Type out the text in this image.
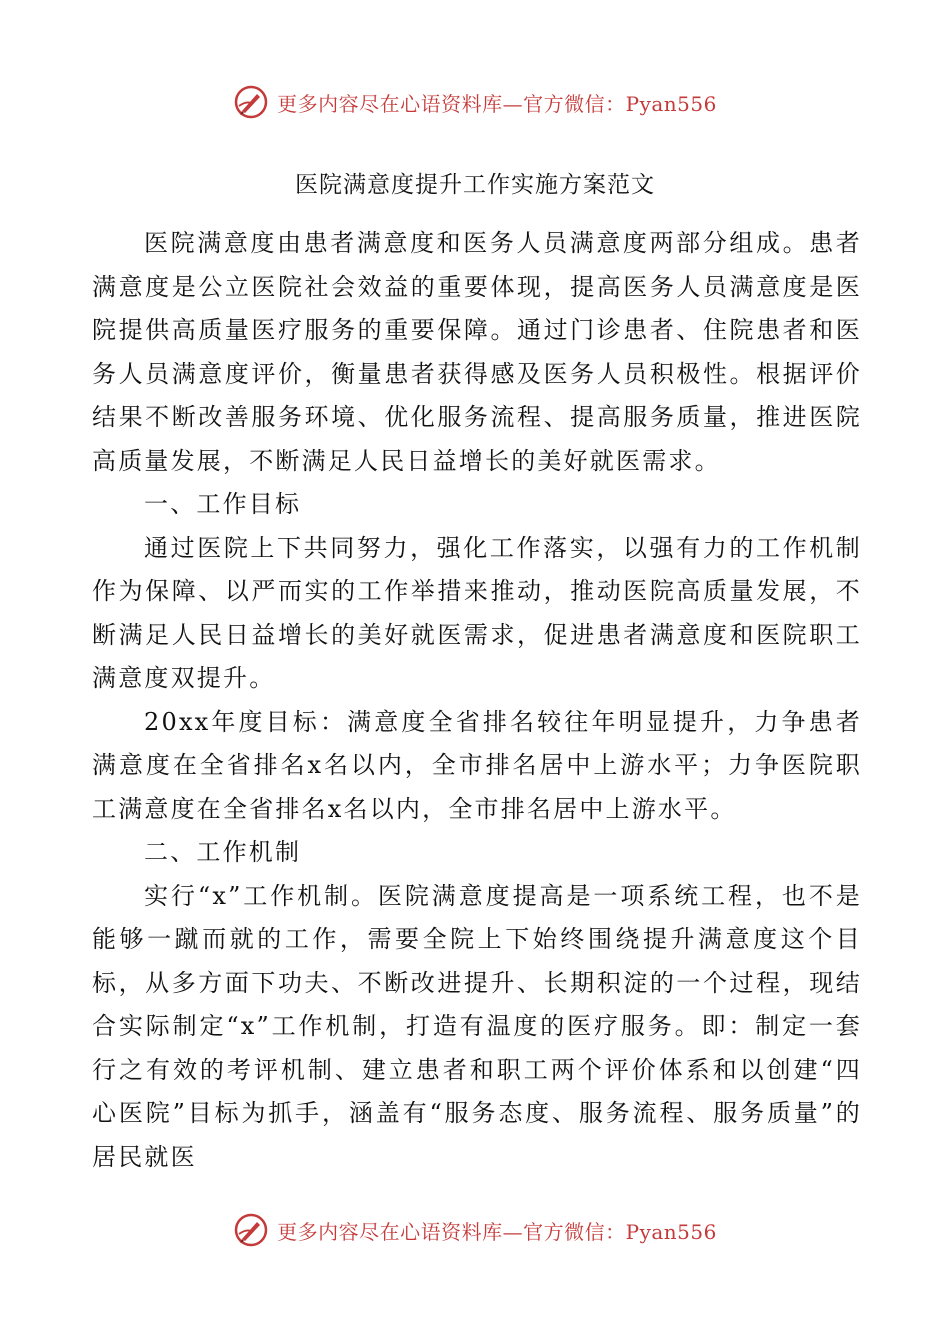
更多内容尽在心语资料库—官方微信：Pyan556
医院满意度提升工作实施方案范文

医院满意度由患者满意度和医务人员满意度两部分组成。患者满意度是公立医院社会效益的重要体现，提高医务人员满意度是医院提供高质量医疗服务的重要保障。通过门诊患者、住院患者和医务人员满意度评价，衡量患者获得感及医务人员积极性。根据评价结果不断改善服务环境、优化服务流程、提高服务质量，推进医院高质量发展，不断满足人民日益增长的美好就医需求。

一、工作目标

通过医院上下共同努力，强化工作落实，以强有力的工作机制作为保障、以严而实的工作举措来推动，推动医院高质量发展，不断满足人民日益增长的美好就医需求，促进患者满意度和医院职工满意度双提升。

20xx年度目标：满意度全省排名较往年明显提升，力争患者满意度在全省排名x名以内，全市排名居中上游水平；力争医院职工满意度在全省排名x名以内，全市排名居中上游水平。

二、工作机制

实行“x”工作机制。医院满意度提高是一项系统工程，也不是能够一蹴而就的工作，需要全院上下始终围绕提升满意度这个目标，从多方面下功夫、不断改进提升、长期积淀的一个过程，现结合实际制定“x”工作机制，打造有温度的医疗服务。即：制定一套行之有效的考评机制、建立患者和职工两个评价体系和以创建“四心医院”目标为抓手，涵盖有“服务态度、服务流程、服务质量”的居民就医

更多内容尽在心语资料库—官方微信：Pyan556
